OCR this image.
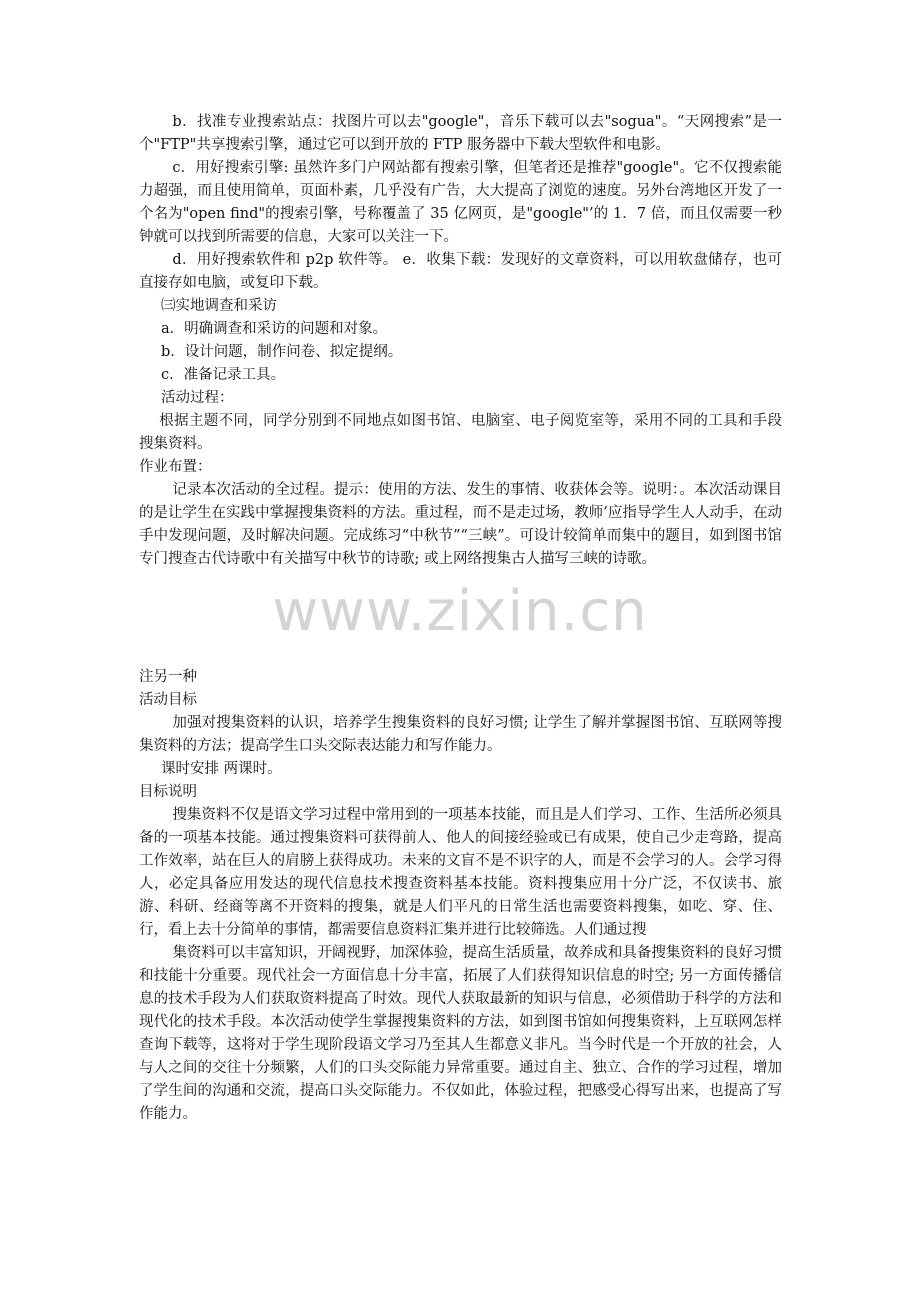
www.zixin.cn

b．找准专业搜索站点：找图片可以去"google"，音乐下载可以去"sogua"。“天网搜索”是一个"FTP"共享搜索引擎，通过它可以到开放的 FTP 服务器中下载大型软件和电影。

c．用好搜索引擎: 虽然许多门户网站都有搜索引擎，但笔者还是推荐"google"。它不仅搜索能力超强，而且使用简单，页面朴素，几乎没有广告，大大提高了浏览的速度。另外台湾地区开发了一个名为"open find"的搜索引擎，号称覆盖了 35 亿网页，是"google"’的 1．7 倍，而且仅需要一秒钟就可以找到所需要的信息，大家可以关注一下。

d．用好搜索软件和 p2p 软件等。 e．收集下载：发现好的文章资料，可以用软盘储存，也可直接存如电脑，或复印下载。

㈢实地调查和采访

a．明确调查和采访的问题和对象。

b．设计问题，制作问卷、拟定提纲。

c．准备记录工具。

活动过程：

根据主题不同，同学分别到不同地点如图书馆、电脑室、电子阅览室等，采用不同的工具和手段搜集资料。

作业布置：

记录本次活动的全过程。提示：使用的方法、发生的事情、收获体会等。说明：。本次活动课目的是让学生在实践中掌握搜集资料的方法。重过程，而不是走过场，教师’应指导学生人人动手，在动手中发现问题，及时解决问题。完成练习“中秋节”“三峡”。可设计较简单而集中的题目，如到图书馆专门搜查古代诗歌中有关描写中秋节的诗歌; 或上网络搜集古人描写三峡的诗歌。

注另一种

活动目标

加强对搜集资料的认识，培养学生搜集资料的良好习惯; 让学生了解并掌握图书馆、互联网等搜集资料的方法；提高学生口头交际表达能力和写作能力。

课时安排 两课时。

目标说明

搜集资料不仅是语文学习过程中常用到的一项基本技能，而且是人们学习、工作、生活所必须具备的一项基本技能。通过搜集资料可获得前人、他人的间接经验或已有成果，使自己少走弯路，提高工作效率，站在巨人的肩膀上获得成功。未来的文盲不是不识字的人，而是不会学习的人。会学习得人，必定具备应用发达的现代信息技术搜查资料基本技能。资料搜集应用十分广泛，不仅读书、旅游、科研、经商等离不开资料的搜集，就是人们平凡的日常生活也需要资料搜集，如吃、穿、住、行，看上去十分简单的事情，都需要信息资料汇集并进行比较筛选。人们通过搜

集资料可以丰富知识，开阔视野，加深体验，提高生活质量，故养成和具备搜集资料的良好习惯和技能十分重要。现代社会一方面信息十分丰富，拓展了人们获得知识信息的时空; 另一方面传播信息的技术手段为人们获取资料提高了时效。现代人获取最新的知识与信息，必须借助于科学的方法和现代化的技术手段。本次活动使学生掌握搜集资料的方法，如到图书馆如何搜集资料，上互联网怎样查询下载等，这将对于学生现阶段语文学习乃至其人生都意义非凡。当今时代是一个开放的社会，人与人之间的交往十分频繁，人们的口头交际能力异常重要。通过自主、独立、合作的学习过程，增加了学生间的沟通和交流，提高口头交际能力。不仅如此，体验过程，把感受心得写出来，也提高了写作能力。
